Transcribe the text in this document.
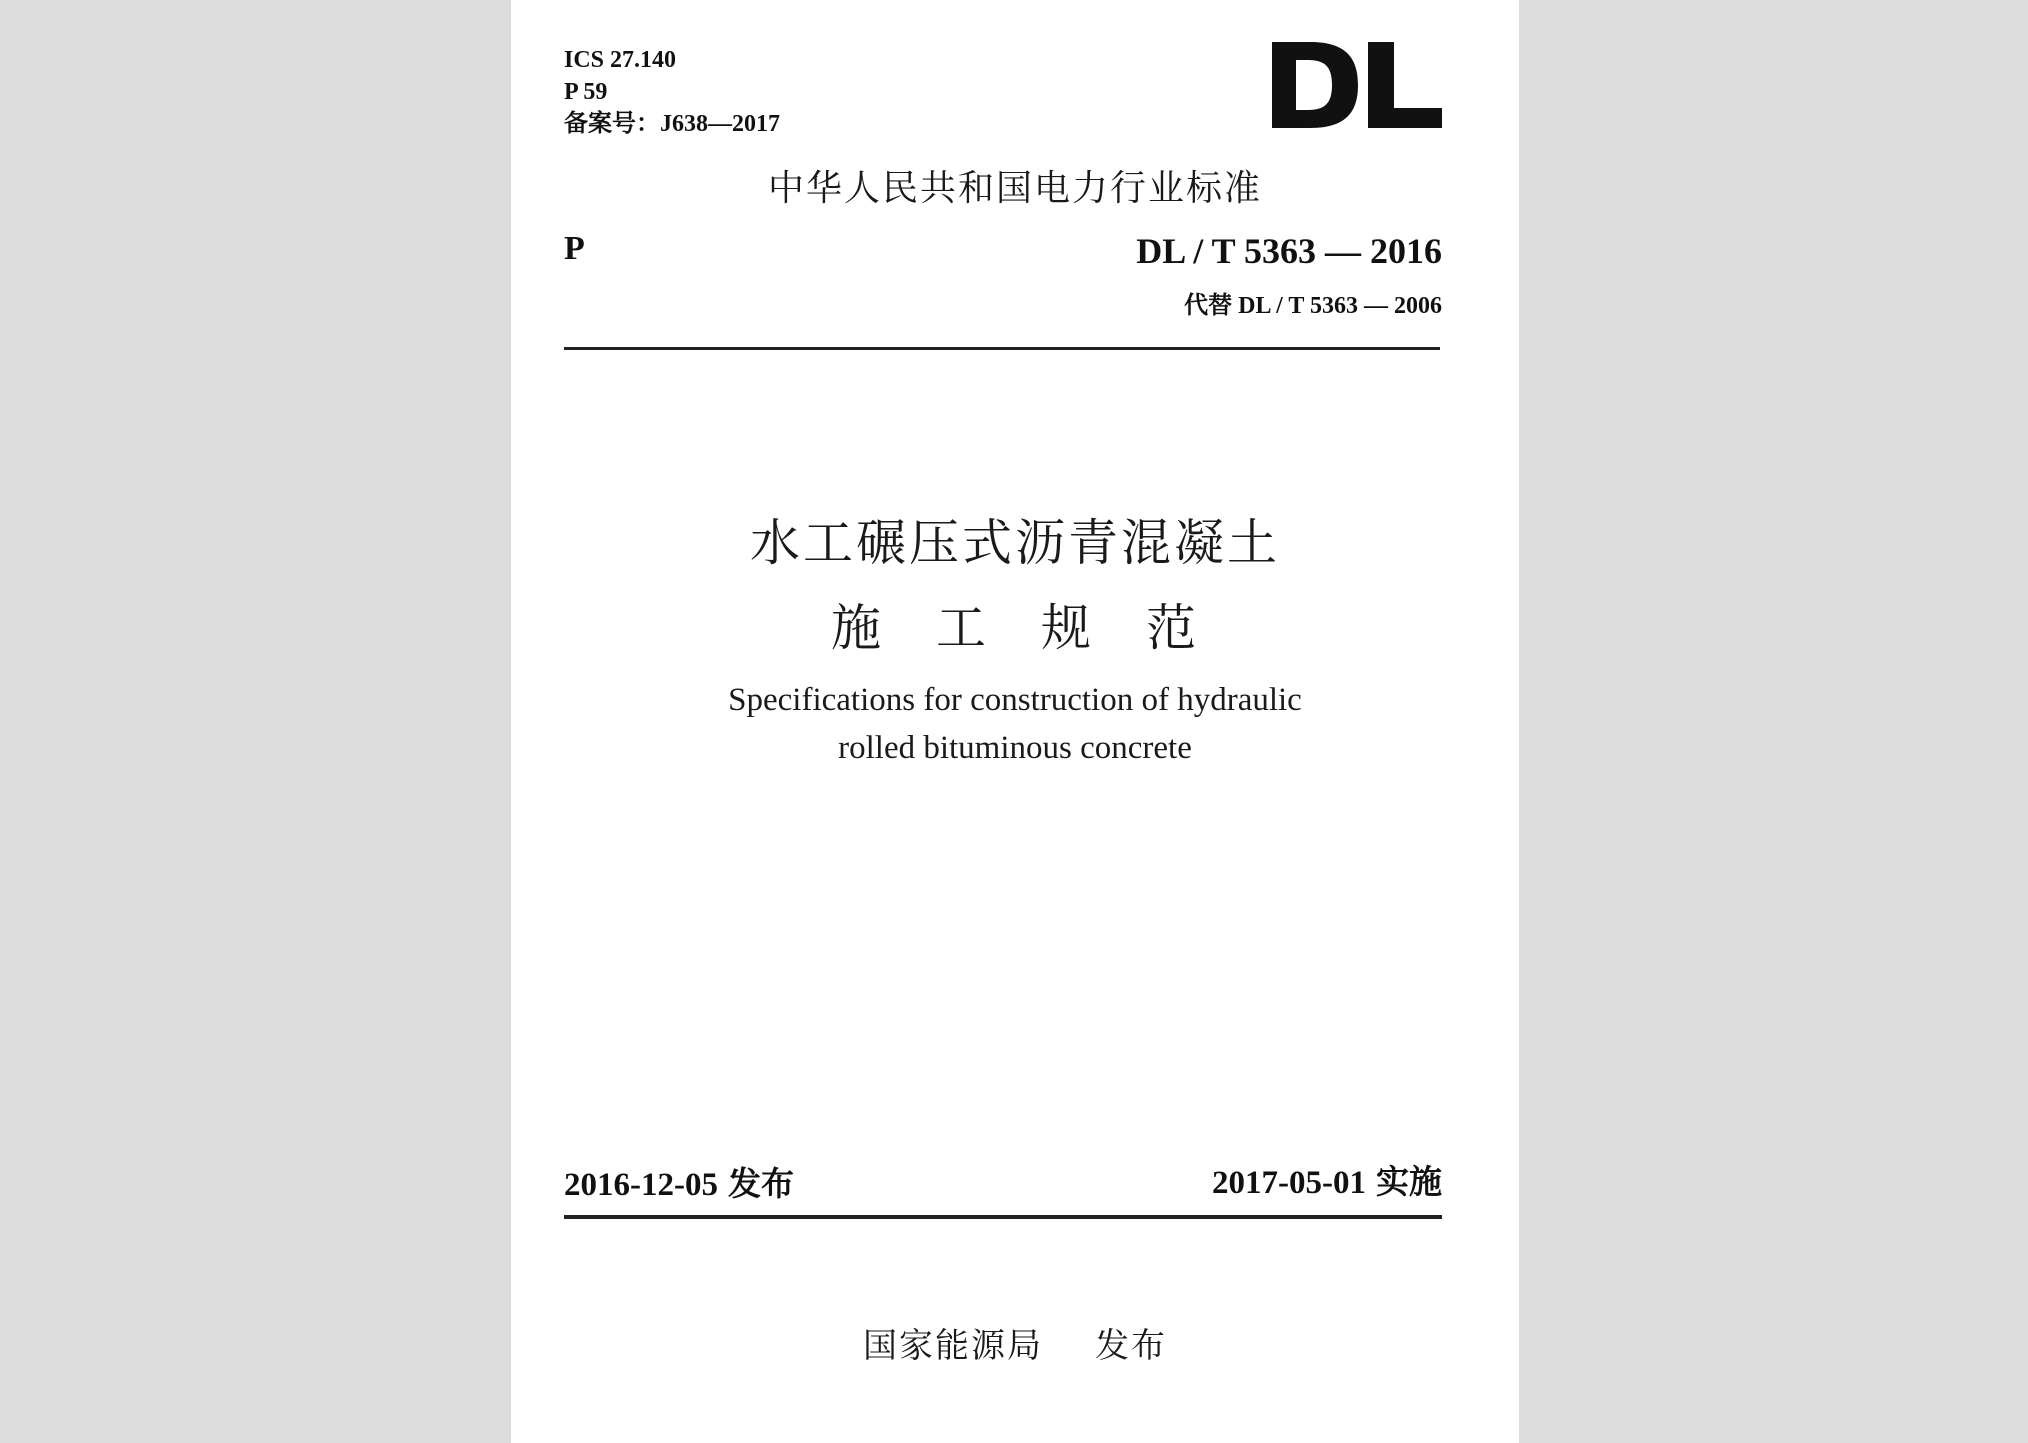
ICS 27.140
P 59
备案号：J638—2017
中华人民共和国电力行业标准
P	DL / T 5363 — 2016
代替 DL / T 5363 — 2006
水工碾压式沥青混凝土
施 工 规 范
Specifications for construction of hydraulic
rolled bituminous concrete
2016-12-05 发布	2017-05-01 实施
国家能源局 发布
